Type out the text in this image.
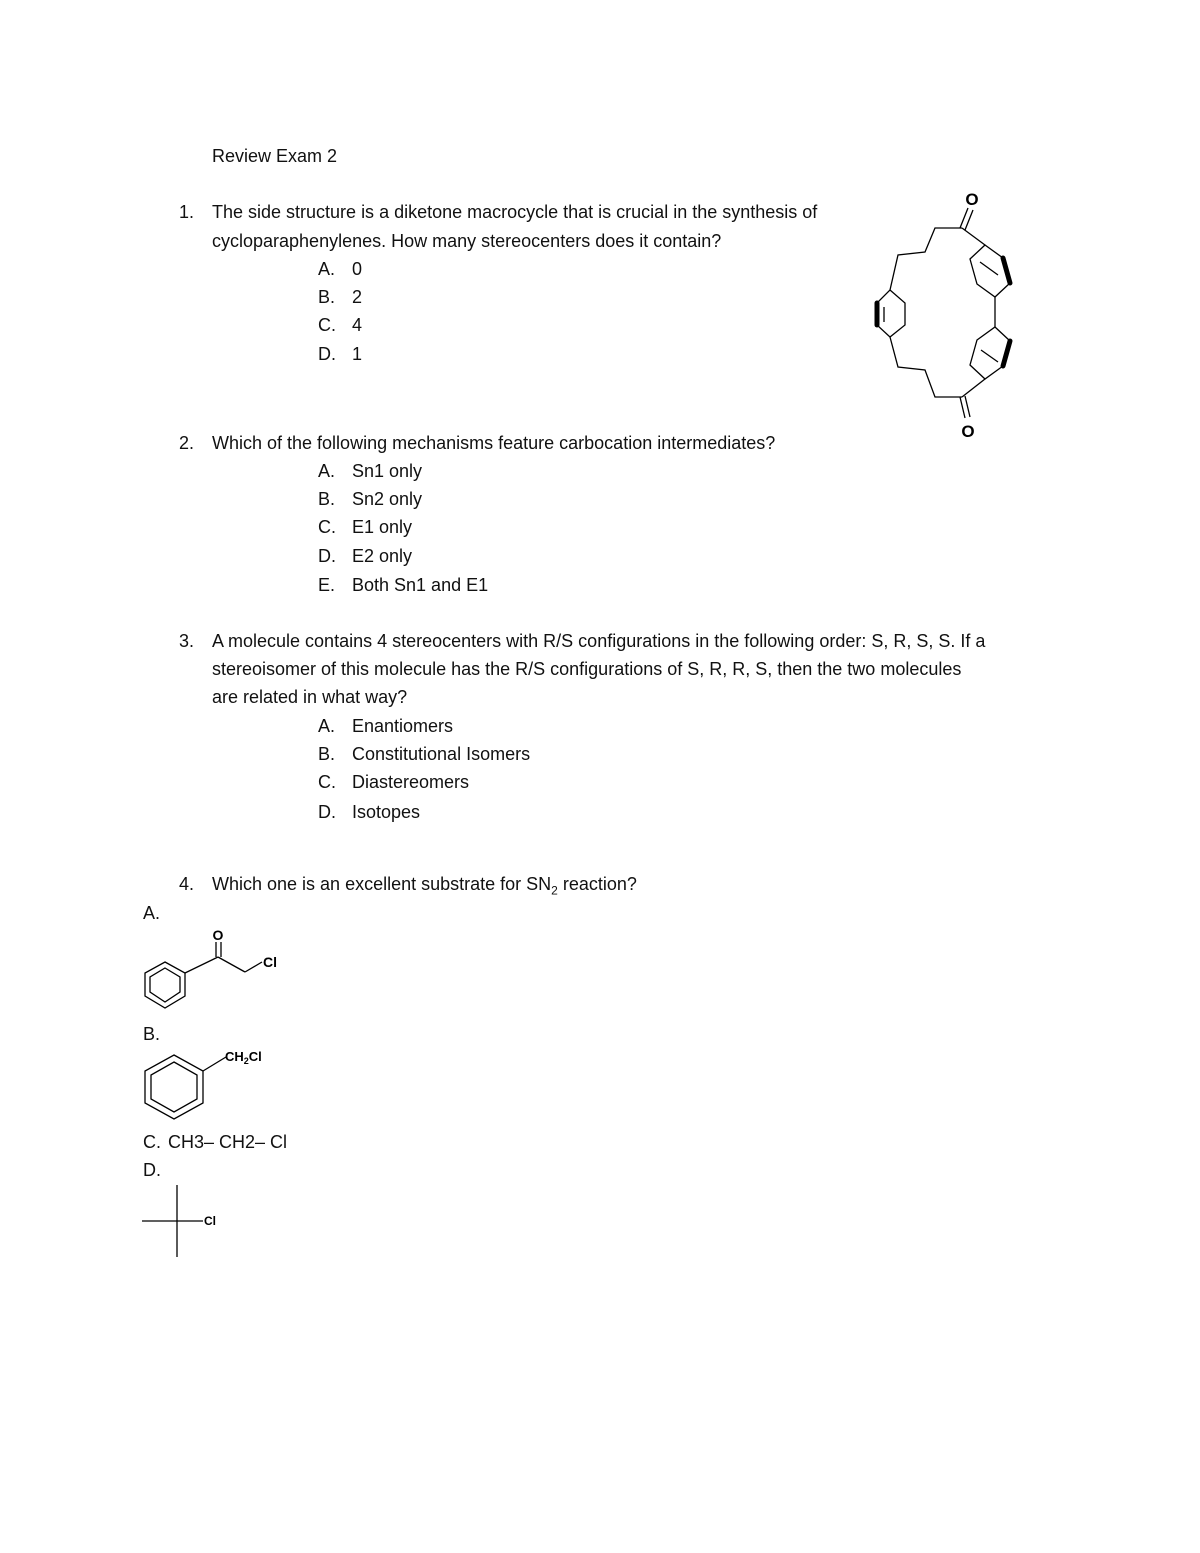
Review Exam 2
1. The side structure is a diketone macrocycle that is crucial in the synthesis of
cycloparaphenylenes. How many stereocenters does it contain?
A. 0
B. 2
C. 4
D. 1
O
O
2. Which of the following mechanisms feature carbocation intermediates?
A. Sn1 only
B. Sn2 only
C. E1 only
D. E2 only
E. Both Sn1 and E1
3. A molecule contains 4 stereocenters with R/S configurations in the following order: S, R, S, S. If a
stereoisomer of this molecule has the R/S configurations of S, R, R, S, then the two molecules
are related in what way?
A. Enantiomers
B. Constitutional Isomers
C. Diastereomers
D. Isotopes
4. Which one is an excellent substrate for $SN_2$ reaction?
A.
O
Cl
B.
$CH_2Cl$
C. CH3– CH2– Cl
D.
Cl
